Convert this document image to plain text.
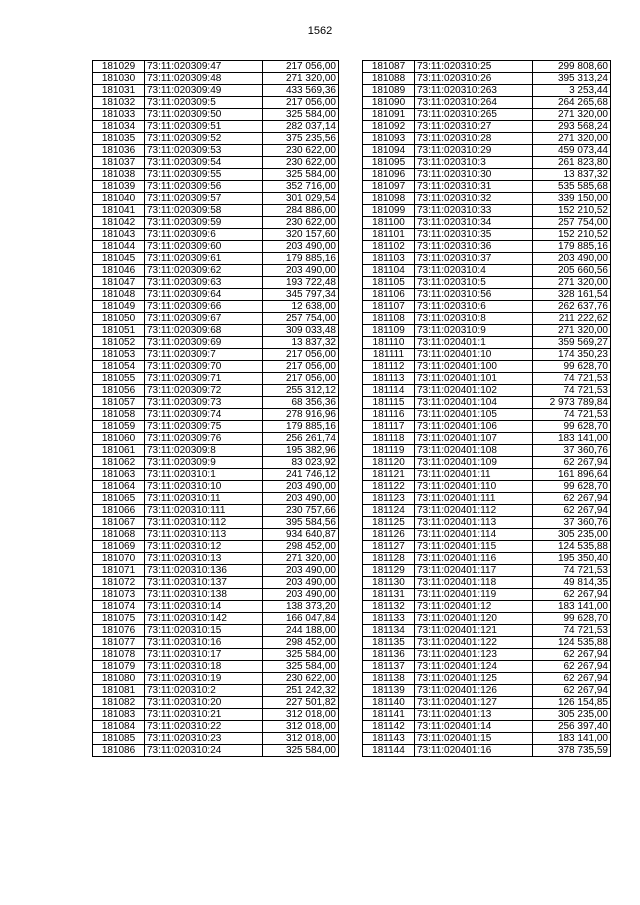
1562
181029	73:11:020309:47	217 056,00
181030	73:11:020309:48	271 320,00
181031	73:11:020309:49	433 569,36
181032	73:11:020309:5	217 056,00
181033	73:11:020309:50	325 584,00
181034	73:11:020309:51	282 037,14
181035	73:11:020309:52	375 235,56
181036	73:11:020309:53	230 622,00
181037	73:11:020309:54	230 622,00
181038	73:11:020309:55	325 584,00
181039	73:11:020309:56	352 716,00
181040	73:11:020309:57	301 029,54
181041	73:11:020309:58	284 886,00
181042	73:11:020309:59	230 622,00
181043	73:11:020309:6	320 157,60
181044	73:11:020309:60	203 490,00
181045	73:11:020309:61	179 885,16
181046	73:11:020309:62	203 490,00
181047	73:11:020309:63	193 722,48
181048	73:11:020309:64	345 797,34
181049	73:11:020309:66	12 638,00
181050	73:11:020309:67	257 754,00
181051	73:11:020309:68	309 033,48
181052	73:11:020309:69	13 837,32
181053	73:11:020309:7	217 056,00
181054	73:11:020309:70	217 056,00
181055	73:11:020309:71	217 056,00
181056	73:11:020309:72	255 312,12
181057	73:11:020309:73	68 356,36
181058	73:11:020309:74	278 916,96
181059	73:11:020309:75	179 885,16
181060	73:11:020309:76	256 261,74
181061	73:11:020309:8	195 382,96
181062	73:11:020309:9	83 023,92
181063	73:11:020310:1	241 746,12
181064	73:11:020310:10	203 490,00
181065	73:11:020310:11	203 490,00
181066	73:11:020310:111	230 757,66
181067	73:11:020310:112	395 584,56
181068	73:11:020310:113	934 640,87
181069	73:11:020310:12	298 452,00
181070	73:11:020310:13	271 320,00
181071	73:11:020310:136	203 490,00
181072	73:11:020310:137	203 490,00
181073	73:11:020310:138	203 490,00
181074	73:11:020310:14	138 373,20
181075	73:11:020310:142	166 047,84
181076	73:11:020310:15	244 188,00
181077	73:11:020310:16	298 452,00
181078	73:11:020310:17	325 584,00
181079	73:11:020310:18	325 584,00
181080	73:11:020310:19	230 622,00
181081	73:11:020310:2	251 242,32
181082	73:11:020310:20	227 501,82
181083	73:11:020310:21	312 018,00
181084	73:11:020310:22	312 018,00
181085	73:11:020310:23	312 018,00
181086	73:11:020310:24	325 584,00
181087	73:11:020310:25	299 808,60
181088	73:11:020310:26	395 313,24
181089	73:11:020310:263	3 253,44
181090	73:11:020310:264	264 265,68
181091	73:11:020310:265	271 320,00
181092	73:11:020310:27	293 568,24
181093	73:11:020310:28	271 320,00
181094	73:11:020310:29	459 073,44
181095	73:11:020310:3	261 823,80
181096	73:11:020310:30	13 837,32
181097	73:11:020310:31	535 585,68
181098	73:11:020310:32	339 150,00
181099	73:11:020310:33	152 210,52
181100	73:11:020310:34	257 754,00
181101	73:11:020310:35	152 210,52
181102	73:11:020310:36	179 885,16
181103	73:11:020310:37	203 490,00
181104	73:11:020310:4	205 660,56
181105	73:11:020310:5	271 320,00
181106	73:11:020310:56	328 161,54
181107	73:11:020310:6	262 637,76
181108	73:11:020310:8	211 222,62
181109	73:11:020310:9	271 320,00
181110	73:11:020401:1	359 569,27
181111	73:11:020401:10	174 350,23
181112	73:11:020401:100	99 628,70
181113	73:11:020401:101	74 721,53
181114	73:11:020401:102	74 721,53
181115	73:11:020401:104	2 973 789,84
181116	73:11:020401:105	74 721,53
181117	73:11:020401:106	99 628,70
181118	73:11:020401:107	183 141,00
181119	73:11:020401:108	37 360,76
181120	73:11:020401:109	62 267,94
181121	73:11:020401:11	161 896,64
181122	73:11:020401:110	99 628,70
181123	73:11:020401:111	62 267,94
181124	73:11:020401:112	62 267,94
181125	73:11:020401:113	37 360,76
181126	73:11:020401:114	305 235,00
181127	73:11:020401:115	124 535,88
181128	73:11:020401:116	195 350,40
181129	73:11:020401:117	74 721,53
181130	73:11:020401:118	49 814,35
181131	73:11:020401:119	62 267,94
181132	73:11:020401:12	183 141,00
181133	73:11:020401:120	99 628,70
181134	73:11:020401:121	74 721,53
181135	73:11:020401:122	124 535,88
181136	73:11:020401:123	62 267,94
181137	73:11:020401:124	62 267,94
181138	73:11:020401:125	62 267,94
181139	73:11:020401:126	62 267,94
181140	73:11:020401:127	126 154,85
181141	73:11:020401:13	305 235,00
181142	73:11:020401:14	256 397,40
181143	73:11:020401:15	183 141,00
181144	73:11:020401:16	378 735,59
